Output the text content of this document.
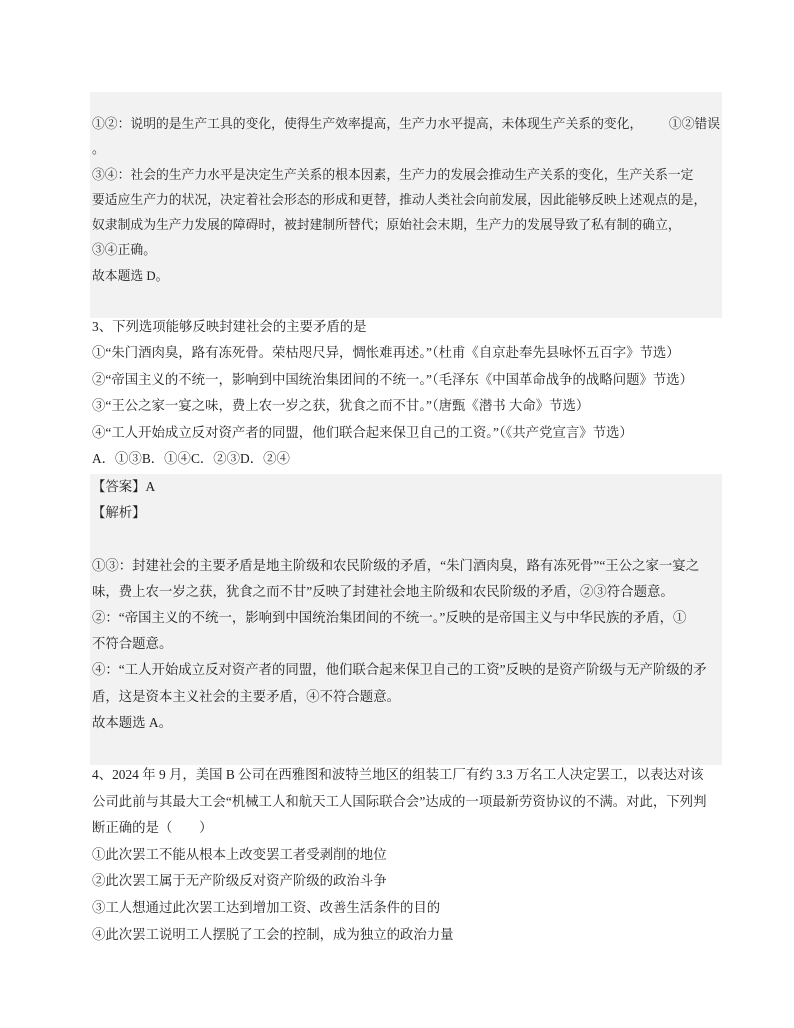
①②：说明的是生产工具的变化，使得生产效率提高，生产力水平提高，未体现生产关系的变化， ①②错误
。
③④：社会的生产力水平是决定生产关系的根本因素，生产力的发展会推动生产关系的变化，生产关系一定
要适应生产力的状况，决定着社会形态的形成和更替，推动人类社会向前发展，因此能够反映上述观点的是，
奴隶制成为生产力发展的障碍时，被封建制所替代；原始社会末期，生产力的发展导致了私有制的确立，
③④正确。
故本题选 D。
3、下列选项能够反映封建社会的主要矛盾的是
①“朱门酒肉臭，路有冻死骨。荣枯咫尺异，惆怅难再述。”（杜甫《自京赴奉先县咏怀五百字》节选）
②“帝国主义的不统一，影响到中国统治集团间的不统一。”（毛泽东《中国革命战争的战略问题》节选）
③“王公之家一宴之味，费上农一岁之获，犹食之而不甘。”（唐甄《潜书 大命》节选）
④“工人开始成立反对资产者的同盟，他们联合起来保卫自己的工资。”（《共产党宣言》节选）
A．①③B．①④C．②③D．②④
【答案】A
【解析】
①③：封建社会的主要矛盾是地主阶级和农民阶级的矛盾，“朱门酒肉臭，路有冻死骨”“王公之家一宴之
味，费上农一岁之获，犹食之而不甘”反映了封建社会地主阶级和农民阶级的矛盾，②③符合题意。
②：“帝国主义的不统一，影响到中国统治集团间的不统一。”反映的是帝国主义与中华民族的矛盾，①
不符合题意。
④：“工人开始成立反对资产者的同盟，他们联合起来保卫自己的工资”反映的是资产阶级与无产阶级的矛
盾，这是资本主义社会的主要矛盾，④不符合题意。
故本题选 A。
4、2024 年 9 月，美国 B 公司在西雅图和波特兰地区的组装工厂有约 3.3 万名工人决定罢工，以表达对该
公司此前与其最大工会“机械工人和航天工人国际联合会”达成的一项最新劳资协议的不满。对此，下列判
断正确的是（　　）
①此次罢工不能从根本上改变罢工者受剥削的地位
②此次罢工属于无产阶级反对资产阶级的政治斗争
③工人想通过此次罢工达到增加工资、改善生活条件的目的
④此次罢工说明工人摆脱了工会的控制，成为独立的政治力量
